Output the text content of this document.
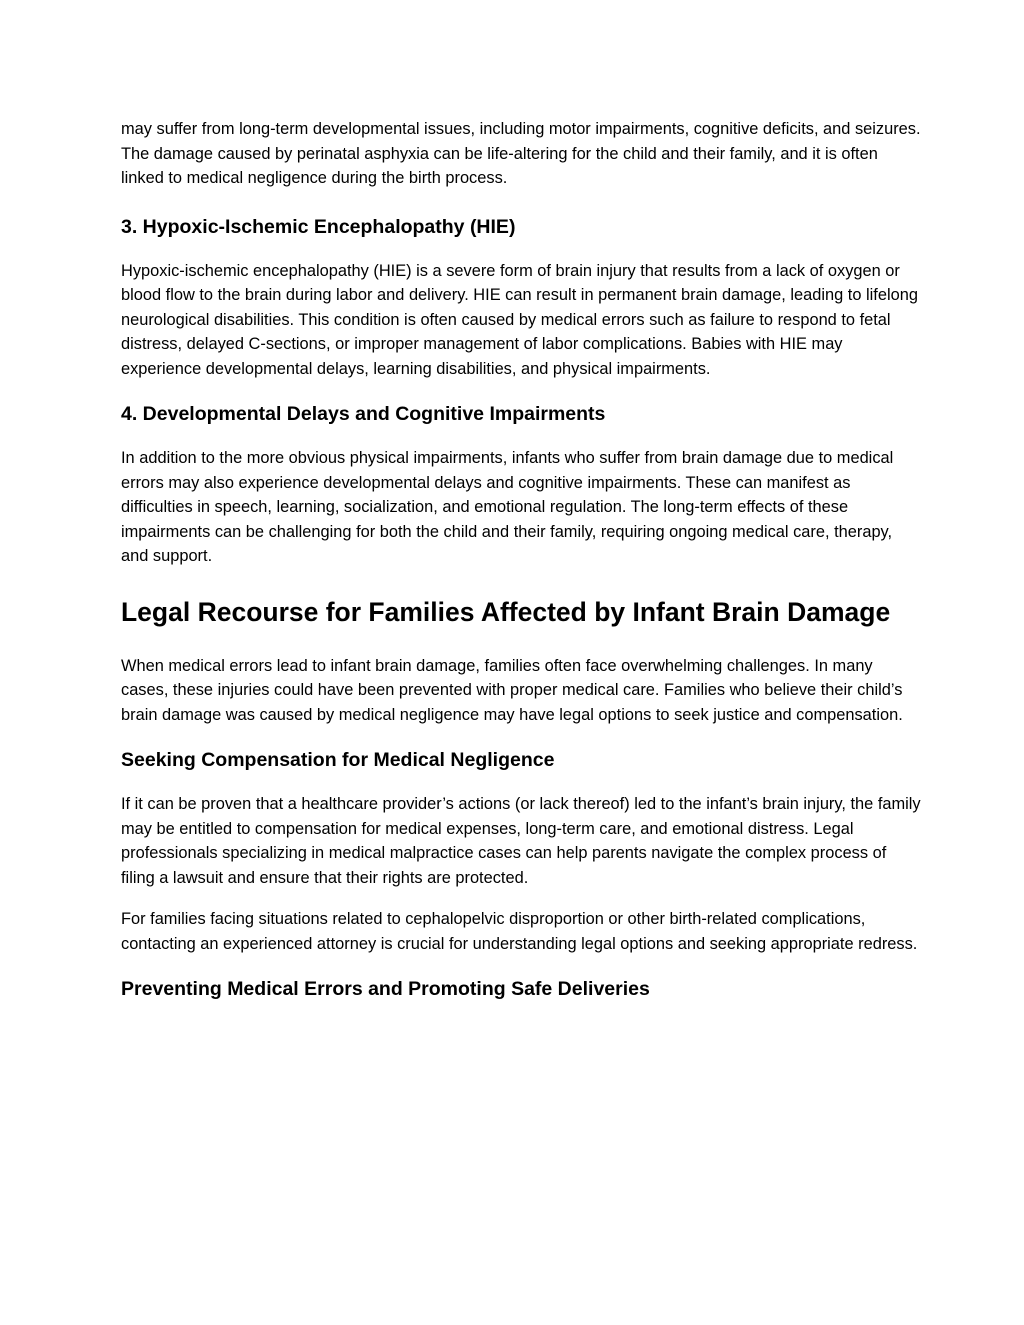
may suffer from long-term developmental issues, including motor impairments, cognitive deficits, and seizures. The damage caused by perinatal asphyxia can be life-altering for the child and their family, and it is often linked to medical negligence during the birth process.

3. Hypoxic-Ischemic Encephalopathy (HIE)

Hypoxic-ischemic encephalopathy (HIE) is a severe form of brain injury that results from a lack of oxygen or blood flow to the brain during labor and delivery. HIE can result in permanent brain damage, leading to lifelong neurological disabilities. This condition is often caused by medical errors such as failure to respond to fetal distress, delayed C-sections, or improper management of labor complications. Babies with HIE may experience developmental delays, learning disabilities, and physical impairments.

4. Developmental Delays and Cognitive Impairments

In addition to the more obvious physical impairments, infants who suffer from brain damage due to medical errors may also experience developmental delays and cognitive impairments. These can manifest as difficulties in speech, learning, socialization, and emotional regulation. The long-term effects of these impairments can be challenging for both the child and their family, requiring ongoing medical care, therapy, and support.

Legal Recourse for Families Affected by Infant Brain Damage

When medical errors lead to infant brain damage, families often face overwhelming challenges. In many cases, these injuries could have been prevented with proper medical care. Families who believe their child’s brain damage was caused by medical negligence may have legal options to seek justice and compensation.

Seeking Compensation for Medical Negligence

If it can be proven that a healthcare provider’s actions (or lack thereof) led to the infant’s brain injury, the family may be entitled to compensation for medical expenses, long-term care, and emotional distress. Legal professionals specializing in medical malpractice cases can help parents navigate the complex process of filing a lawsuit and ensure that their rights are protected.

For families facing situations related to cephalopelvic disproportion or other birth-related complications, contacting an experienced attorney is crucial for understanding legal options and seeking appropriate redress.

Preventing Medical Errors and Promoting Safe Deliveries
